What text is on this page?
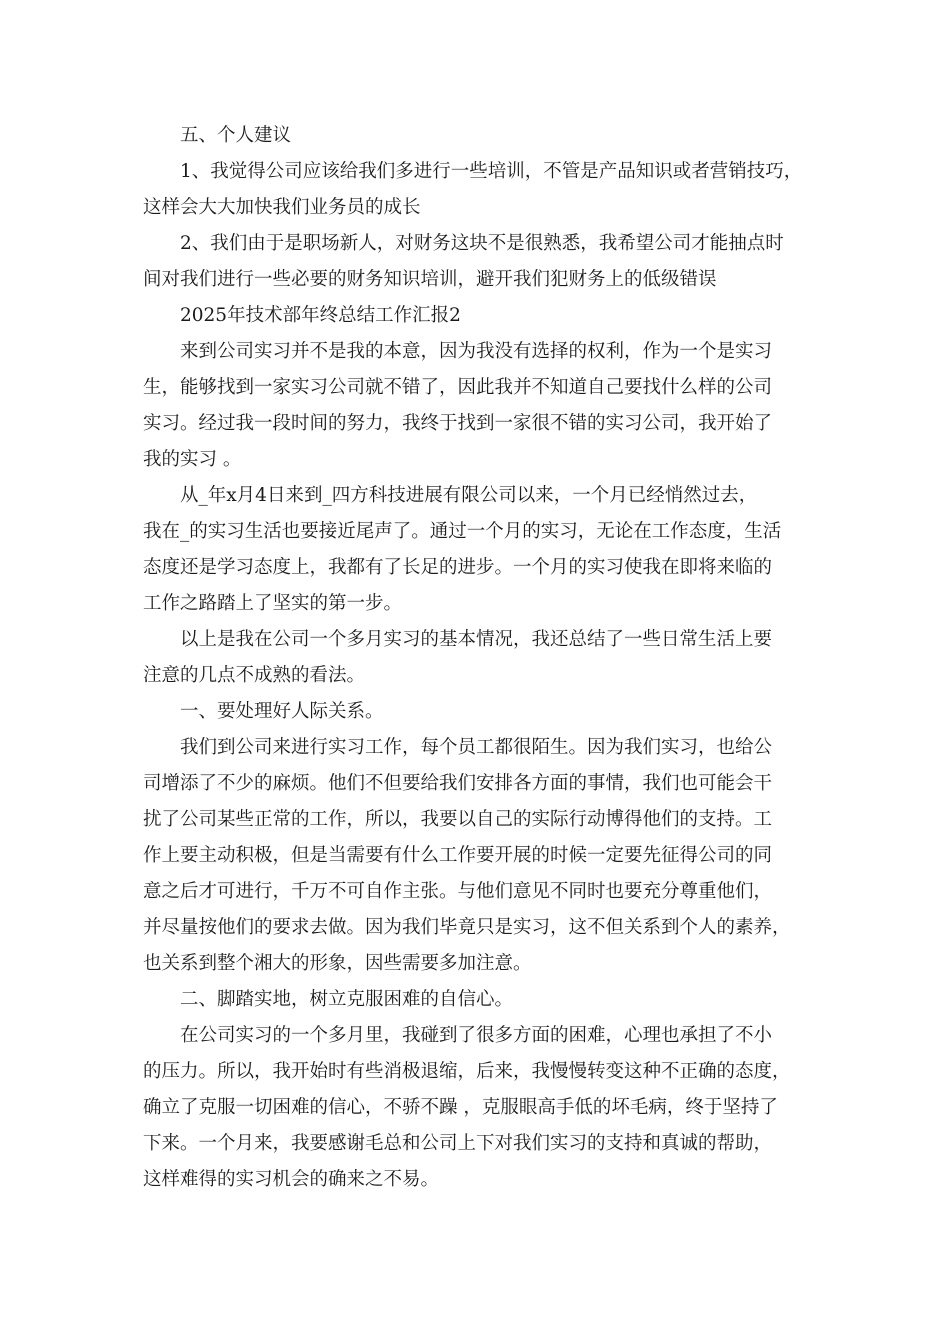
五、个人建议
1、我觉得公司应该给我们多进行一些培训，不管是产品知识或者营销技巧，
这样会大大加快我们业务员的成长
2、我们由于是职场新人，对财务这块不是很熟悉，我希望公司才能抽点时
间对我们进行一些必要的财务知识培训，避开我们犯财务上的低级错误
2025年技术部年终总结工作汇报2
来到公司实习并不是我的本意，因为我没有选择的权利，作为一个是实习
生，能够找到一家实习公司就不错了，因此我并不知道自己要找什么样的公司
实习。经过我一段时间的努力，我终于找到一家很不错的实习公司，我开始了
我的实习 。
从_年x月4日来到_四方科技进展有限公司以来，一个月已经悄然过去，
我在_的实习生活也要接近尾声了。通过一个月的实习，无论在工作态度，生活
态度还是学习态度上，我都有了长足的进步。一个月的实习使我在即将来临的
工作之路踏上了坚实的第一步。
以上是我在公司一个多月实习的基本情况，我还总结了一些日常生活上要
注意的几点不成熟的看法。
一、要处理好人际关系。
我们到公司来进行实习工作，每个员工都很陌生。因为我们实习，也给公
司增添了不少的麻烦。他们不但要给我们安排各方面的事情，我们也可能会干
扰了公司某些正常的工作，所以，我要以自己的实际行动博得他们的支持。工
作上要主动积极，但是当需要有什么工作要开展的时候一定要先征得公司的同
意之后才可进行，千万不可自作主张。与他们意见不同时也要充分尊重他们，
并尽量按他们的要求去做。因为我们毕竟只是实习，这不但关系到个人的素养，
也关系到整个湘大的形象，因些需要多加注意。
二、脚踏实地，树立克服困难的自信心。
在公司实习的一个多月里，我碰到了很多方面的困难，心理也承担了不小
的压力。所以，我开始时有些消极退缩，后来，我慢慢转变这种不正确的态度，
确立了克服一切困难的信心，不骄不躁 ，克服眼高手低的坏毛病，终于坚持了
下来。一个月来，我要感谢毛总和公司上下对我们实习的支持和真诚的帮助，
这样难得的实习机会的确来之不易。
